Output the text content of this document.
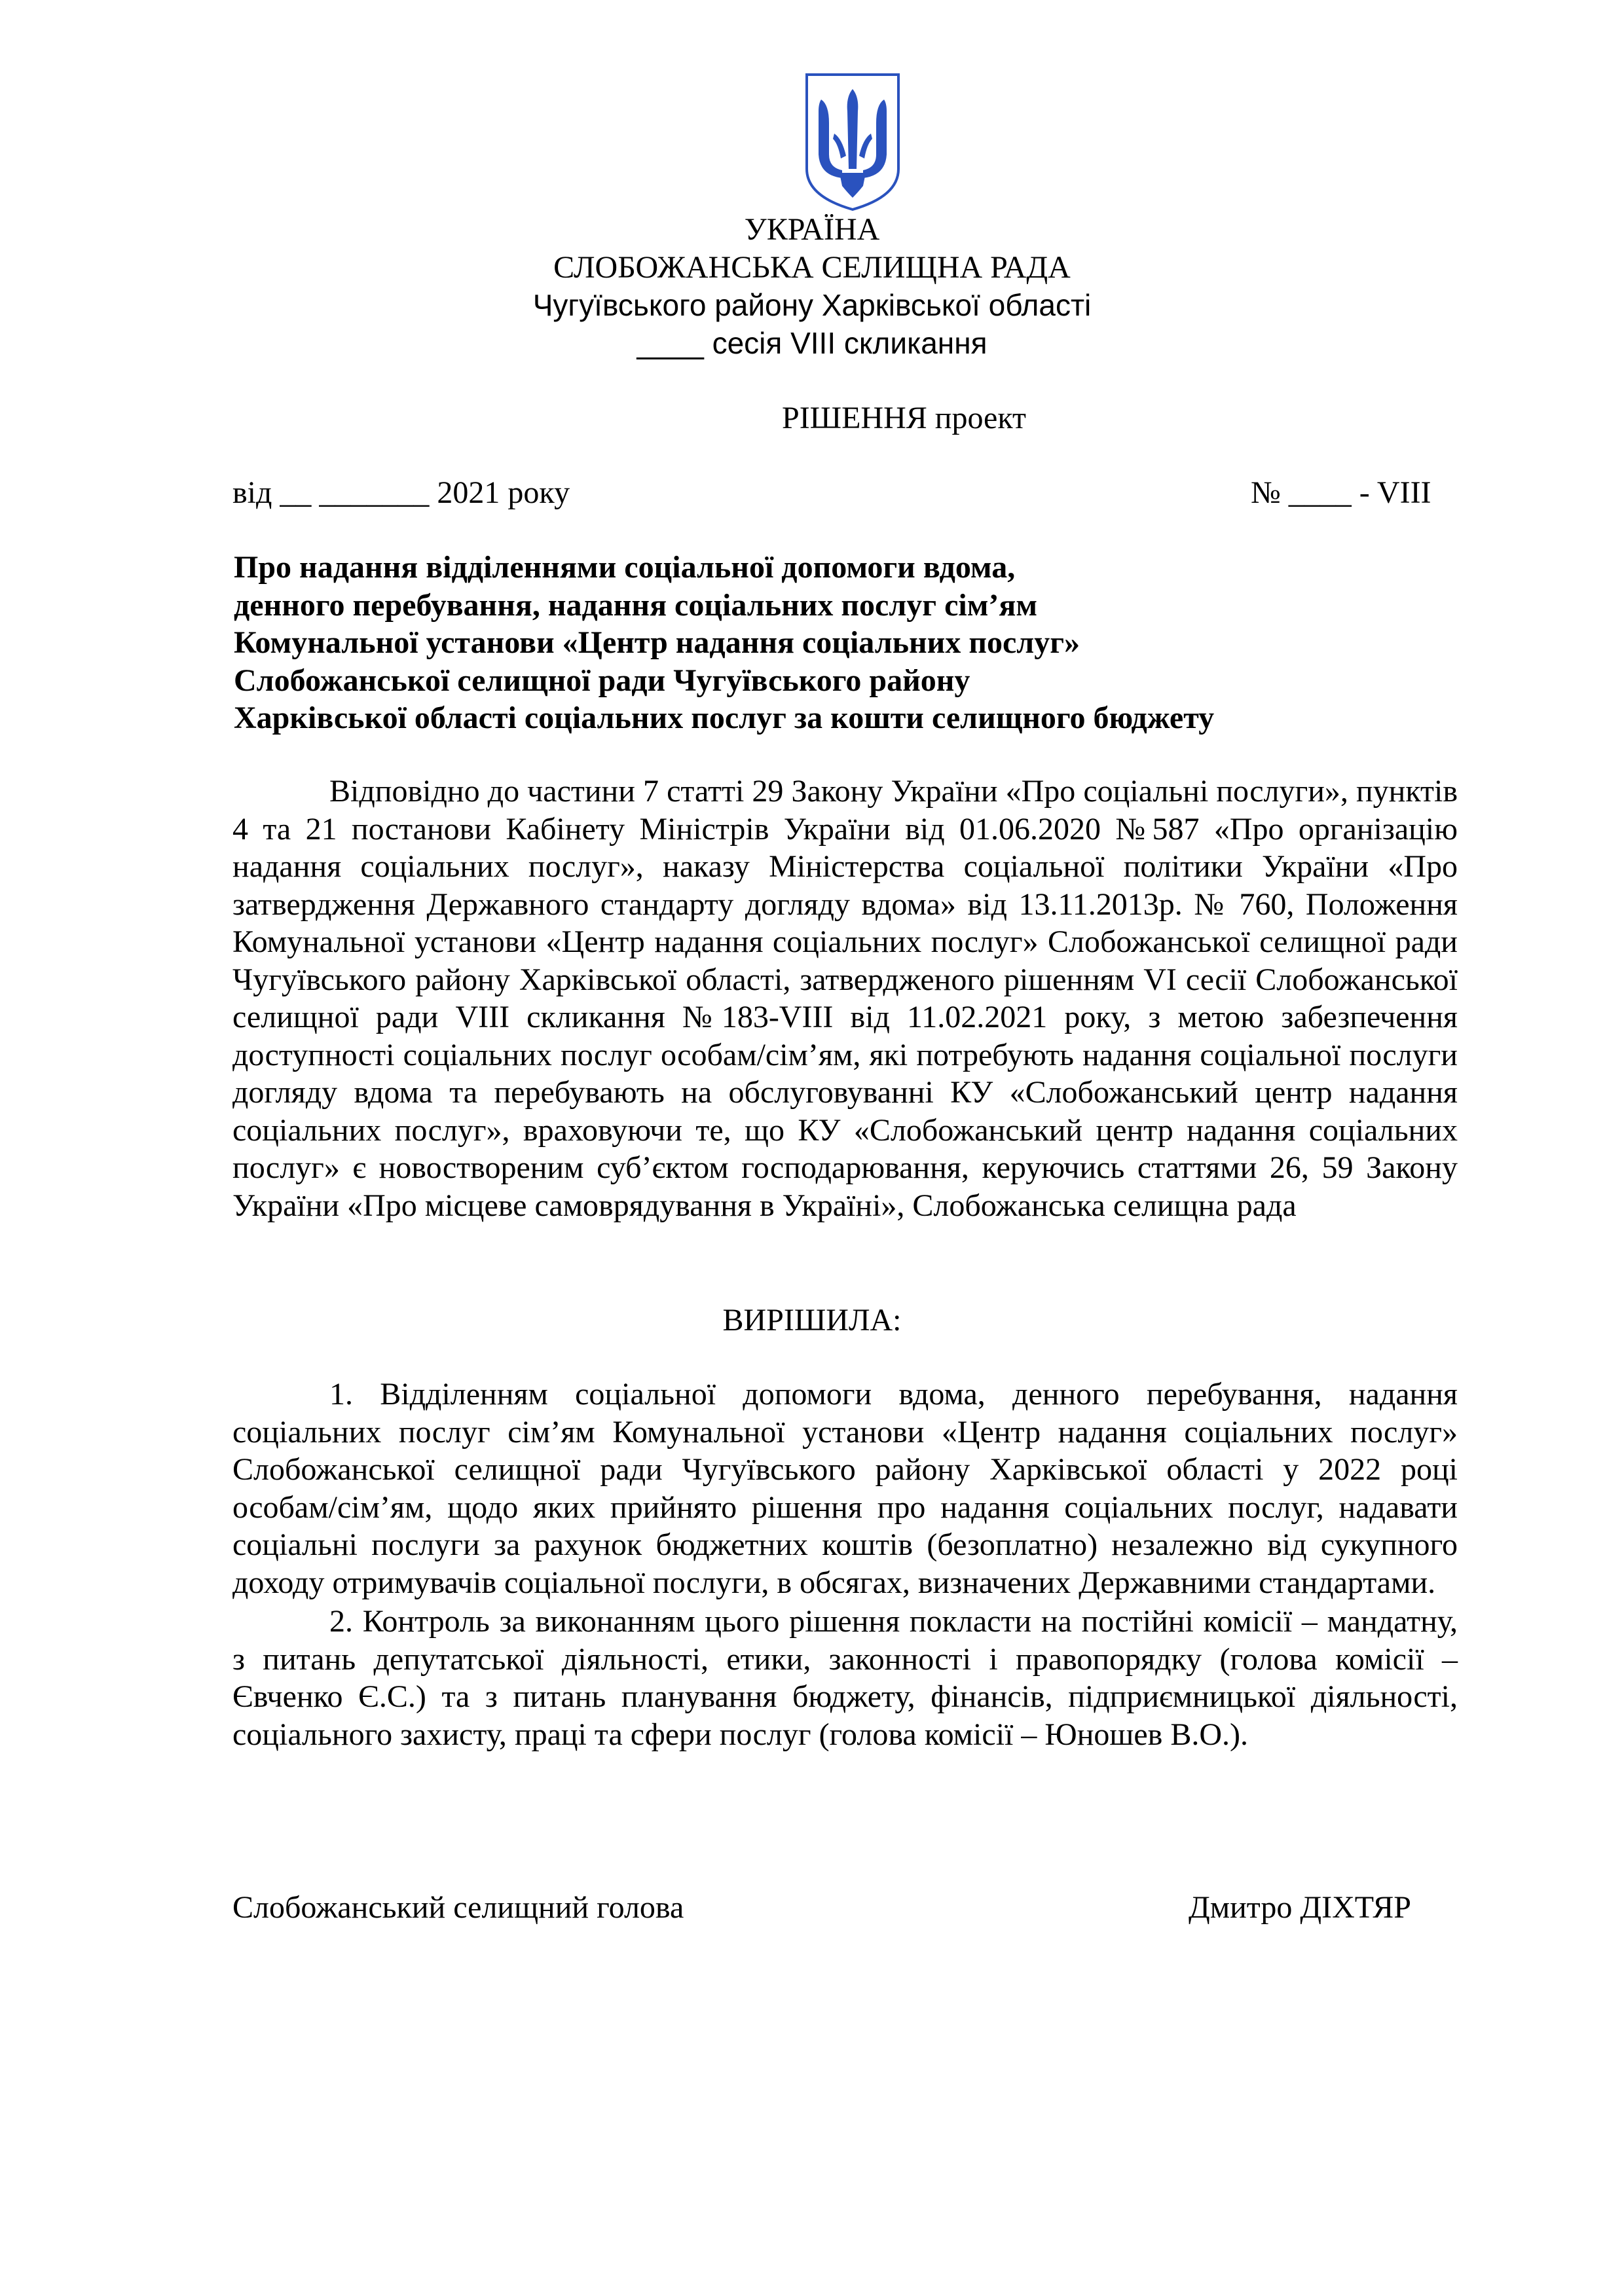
УКРАЇНА
СЛОБОЖАНСЬКА СЕЛИЩНА РАДА
Чугуївського району Харківської області
____ сесія VIII скликання
РІШЕННЯ проект
від __ _______ 2021 року	№ ____ - VIII
Про надання відділеннями соціальної допомоги вдома,
денного перебування, надання соціальних послуг сім’ям
Комунальної установи «Центр надання соціальних послуг»
Слобожанської селищної ради Чугуївського району
Харківської області соціальних послуг за кошти селищного бюджету
Відповідно до частини 7 статті 29 Закону України «Про соціальні послуги», пунктів 4 та 21 постанови Кабінету Міністрів України від 01.06.2020 №587 «Про організацію надання соціальних послуг», наказу Міністерства соціальної політики України «Про затвердження Державного стандарту догляду вдома» від 13.11.2013р. № 760, Положення Комунальної установи «Центр надання соціальних послуг» Слобожанської селищної ради Чугуївського району Харківської області, затвердженого рішенням VI сесії Слобожанської селищної ради VIII скликання №183-VIII від 11.02.2021 року, з метою забезпечення доступності соціальних послуг особам/сім’ям, які потребують надання соціальної послуги догляду вдома та перебувають на обслуговуванні КУ «Слобожанський центр надання соціальних послуг», враховуючи те, що КУ «Слобожанський центр надання соціальних послуг» є новоствореним суб’єктом господарювання, керуючись статтями 26, 59 Закону України «Про місцеве самоврядування в Україні», Слобожанська селищна рада
ВИРІШИЛА:
1. Відділенням соціальної допомоги вдома, денного перебування, надання соціальних послуг сім’ям Комунальної установи «Центр надання соціальних послуг» Слобожанської селищної ради Чугуївського району Харківської області у 2022 році особам/сім’ям, щодо яких прийнято рішення про надання соціальних послуг, надавати соціальні послуги за рахунок бюджетних коштів (безоплатно) незалежно від сукупного доходу отримувачів соціальної послуги, в обсягах, визначених Державними стандартами.
2. Контроль за виконанням цього рішення покласти на постійні комісії – мандатну, з питань депутатської діяльності, етики, законності і правопорядку (голова комісії – Євченко Є.С.) та з питань планування бюджету, фінансів, підприємницької діяльності, соціального захисту, праці та сфери послуг (голова комісії – Юношев В.О.).
Слобожанський селищний голова	Дмитро ДІХТЯР
